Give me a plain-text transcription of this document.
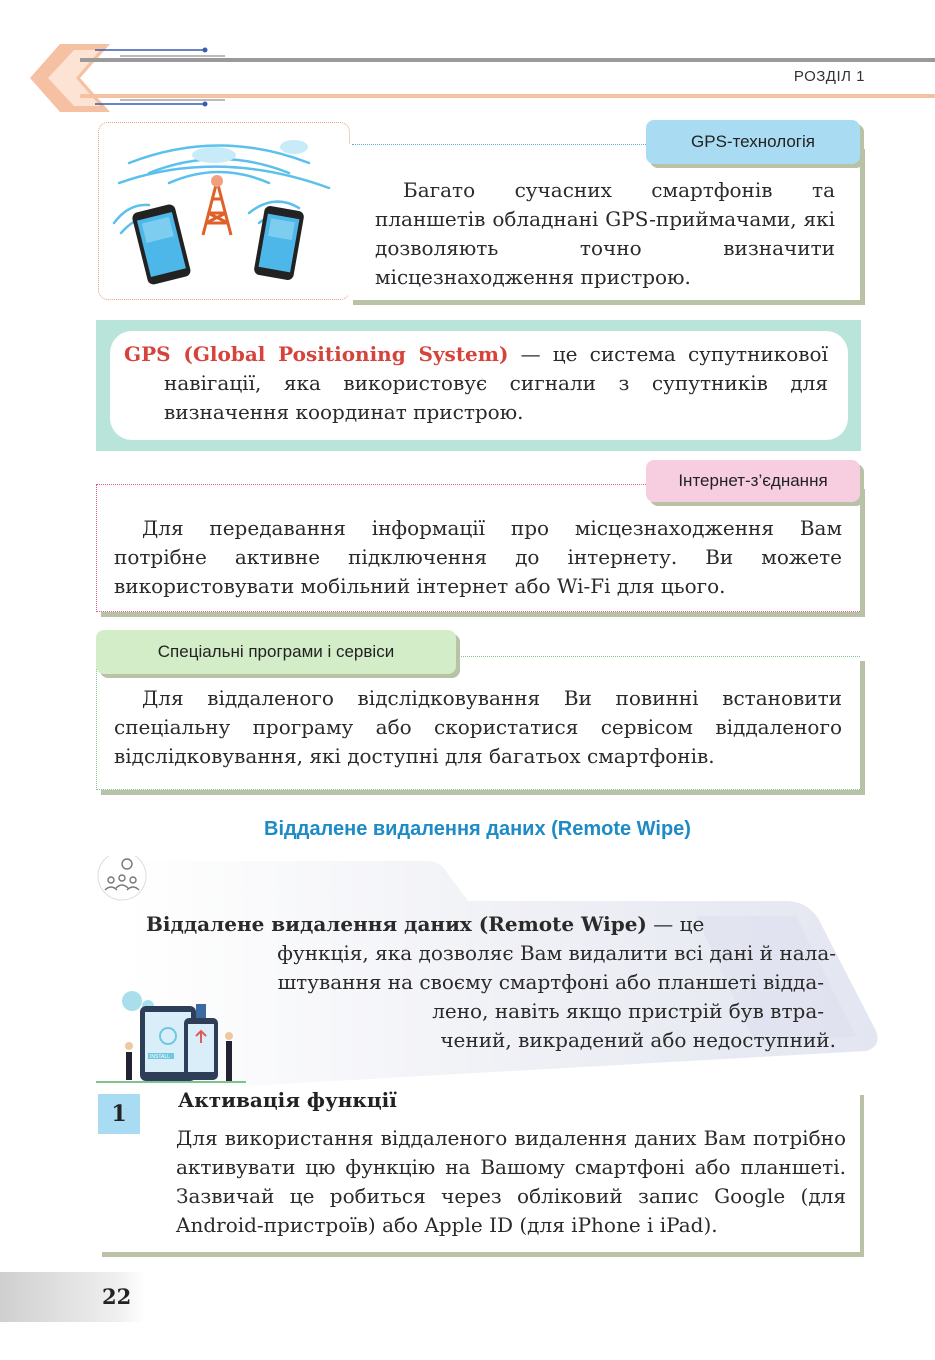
РОЗДІЛ 1
GPS-технологія
Багато сучасних смартфонів та планшетів обладнані GPS-приймачами, які дозволяють точно визначити місцезнаходження пристрою.
GPS (Global Positioning System) — це система супутникової навігації, яка використовує сигнали з супутників для визначення координат пристрою.
Інтернет-з’єднання
Для передавання інформації про місцезнаходження Вам потрібне активне підключення до інтернету. Ви можете використовувати мобільний інтернет або Wi-Fi для цього.
Спеціальні програми і сервіси
Для віддаленого відслідковування Ви повинні встановити спеціальну програму або скористатися сервісом віддаленого відслідковування, які доступні для багатьох смартфонів.
Віддалене видалення даних (Remote Wipe)
INSTALL
Віддалене видалення даних (Remote Wipe) — це
функція, яка дозволяє Вам видалити всі дані й нала-
штування на своєму смартфоні або планшеті відда-
лено, навіть якщо пристрій був втра-
чений, викрадений або недоступний.
1
Активація функції
Для використання віддаленого видалення даних Вам потрібно активувати цю функцію на Вашому смартфоні або планшеті. Зазвичай це робиться через обліковий запис Google (для Android-пристроїв) або Apple ID (для iPhone і iPad).
22
